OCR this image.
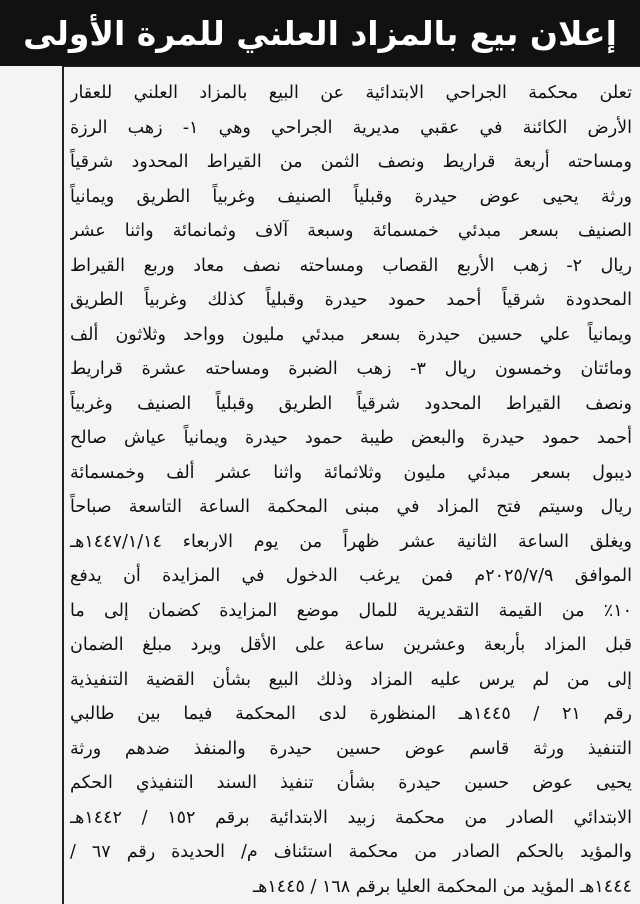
إعلان بيع بالمزاد العلني للمرة الأولى
تعلن محكمة الجراحي الابتدائية عن البيع بالمزاد العلني للعقار
الأرض الكائنة في عقبي مديرية الجراحي وهي ١- زهب الرزة
ومساحته أربعة قراريط ونصف الثمن من القيراط المحدود شرقياً
ورثة يحيى عوض حيدرة وقبلياً الصنيف وغربياً الطريق ويمانياً
الصنيف بسعر مبدئي خمسمائة وسبعة آلاف وثمانمائة واثنا عشر
ريال ٢- زهب الأربع القصاب ومساحته نصف معاد وربع القيراط
المحدودة شرقياً أحمد حمود حيدرة وقبلياً كذلك وغربياً الطريق
ويمانياً علي حسين حيدرة بسعر مبدئي مليون وواحد وثلاثون ألف
ومائتان وخمسون ريال ٣- زهب الضبرة ومساحته عشرة قراريط
ونصف القيراط المحدود شرقياً الطريق وقبلياً الصنيف وغربياً
أحمد حمود حيدرة والبعض طيبة حمود حيدرة ويمانياً عياش صالح
ديبول بسعر مبدئي مليون وثلاثمائة واثنا عشر ألف وخمسمائة
ريال وسيتم فتح المزاد في مبنى المحكمة الساعة التاسعة صباحاً
ويغلق الساعة الثانية عشر ظهراً من يوم الاربعاء ١٤٤٧/١/١٤هـ
الموافق ٢٠٢٥/٧/٩م فمن يرغب الدخول في المزايدة أن يدفع
١٠٪ من القيمة التقديرية للمال موضع المزايدة كضمان إلى ما
قبل المزاد بأربعة وعشرين ساعة على الأقل ويرد مبلغ الضمان
إلى من لم يرس عليه المزاد وذلك البيع بشأن القضية التنفيذية
رقم ٢١ / ١٤٤٥هـ المنظورة لدى المحكمة فيما بين طالبي
التنفيذ ورثة قاسم عوض حسين حيدرة والمنفذ ضدهم ورثة
يحيى عوض حسين حيدرة بشأن تنفيذ السند التنفيذي الحكم
الابتدائي الصادر من محكمة زبيد الابتدائية برقم ١٥٢ / ١٤٤٢هـ
والمؤيد بالحكم الصادر من محكمة استئناف م/ الحديدة رقم ٦٧ /
١٤٤٤هـ المؤيد من المحكمة العليا برقم ١٦٨ / ١٤٤٥هـ
